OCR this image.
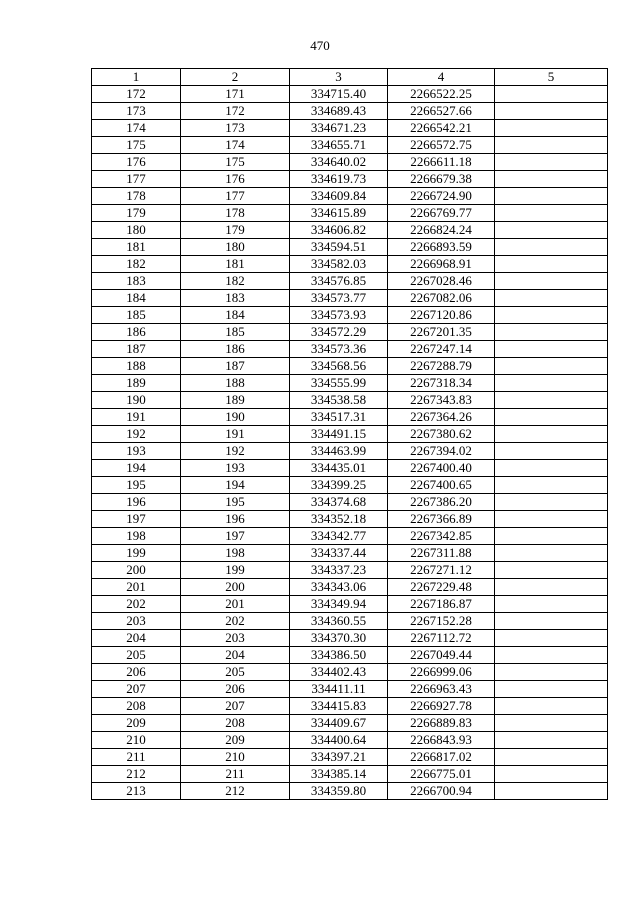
470
1	2	3	4	5
172	171	334715.40	2266522.25	
173	172	334689.43	2266527.66	
174	173	334671.23	2266542.21	
175	174	334655.71	2266572.75	
176	175	334640.02	2266611.18	
177	176	334619.73	2266679.38	
178	177	334609.84	2266724.90	
179	178	334615.89	2266769.77	
180	179	334606.82	2266824.24	
181	180	334594.51	2266893.59	
182	181	334582.03	2266968.91	
183	182	334576.85	2267028.46	
184	183	334573.77	2267082.06	
185	184	334573.93	2267120.86	
186	185	334572.29	2267201.35	
187	186	334573.36	2267247.14	
188	187	334568.56	2267288.79	
189	188	334555.99	2267318.34	
190	189	334538.58	2267343.83	
191	190	334517.31	2267364.26	
192	191	334491.15	2267380.62	
193	192	334463.99	2267394.02	
194	193	334435.01	2267400.40	
195	194	334399.25	2267400.65	
196	195	334374.68	2267386.20	
197	196	334352.18	2267366.89	
198	197	334342.77	2267342.85	
199	198	334337.44	2267311.88	
200	199	334337.23	2267271.12	
201	200	334343.06	2267229.48	
202	201	334349.94	2267186.87	
203	202	334360.55	2267152.28	
204	203	334370.30	2267112.72	
205	204	334386.50	2267049.44	
206	205	334402.43	2266999.06	
207	206	334411.11	2266963.43	
208	207	334415.83	2266927.78	
209	208	334409.67	2266889.83	
210	209	334400.64	2266843.93	
211	210	334397.21	2266817.02	
212	211	334385.14	2266775.01	
213	212	334359.80	2266700.94	
